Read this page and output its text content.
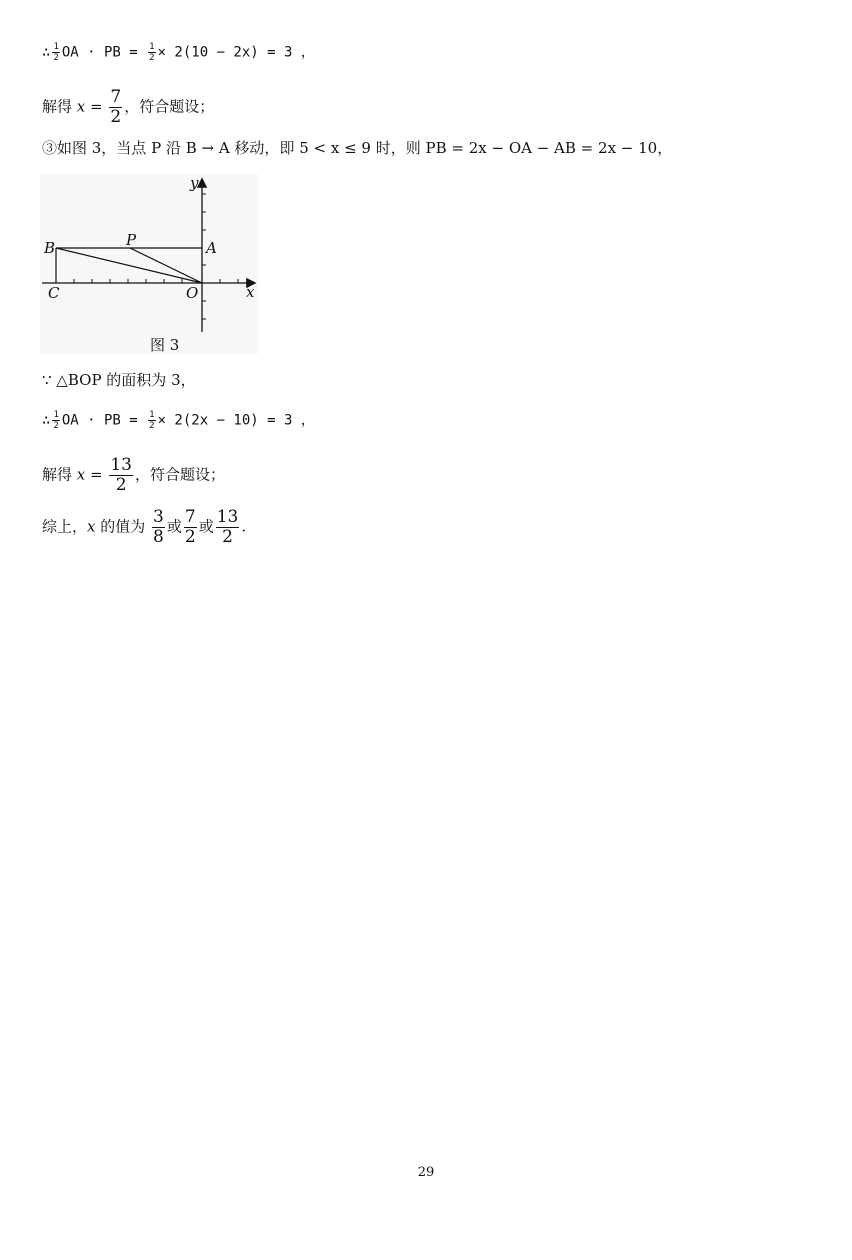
∴ $\frac{1}{2}$ OA · PB = $\frac{1}{2} \times 2(10 - 2x) = 3$ ，
解得 $x = \frac{7}{2}$ ，符合题设；
③如图 3，当点 P 沿 B → A 移动，即 5 < x ≤ 9 时，则 PB = 2x − OA − AB = 2x − 10，
y
x
B	P	A
C	O
图 3
∵ △BOP 的面积为 3，
∴ $\frac{1}{2}$ OA · PB = $\frac{1}{2} \times 2(2x - 10) = 3$ ，
解得 $x = \frac{13}{2}$ ，符合题设；
综上，x 的值为 $\frac{3}{8}$ 或 $\frac{7}{2}$ 或 $\frac{13}{2}$ .
29
